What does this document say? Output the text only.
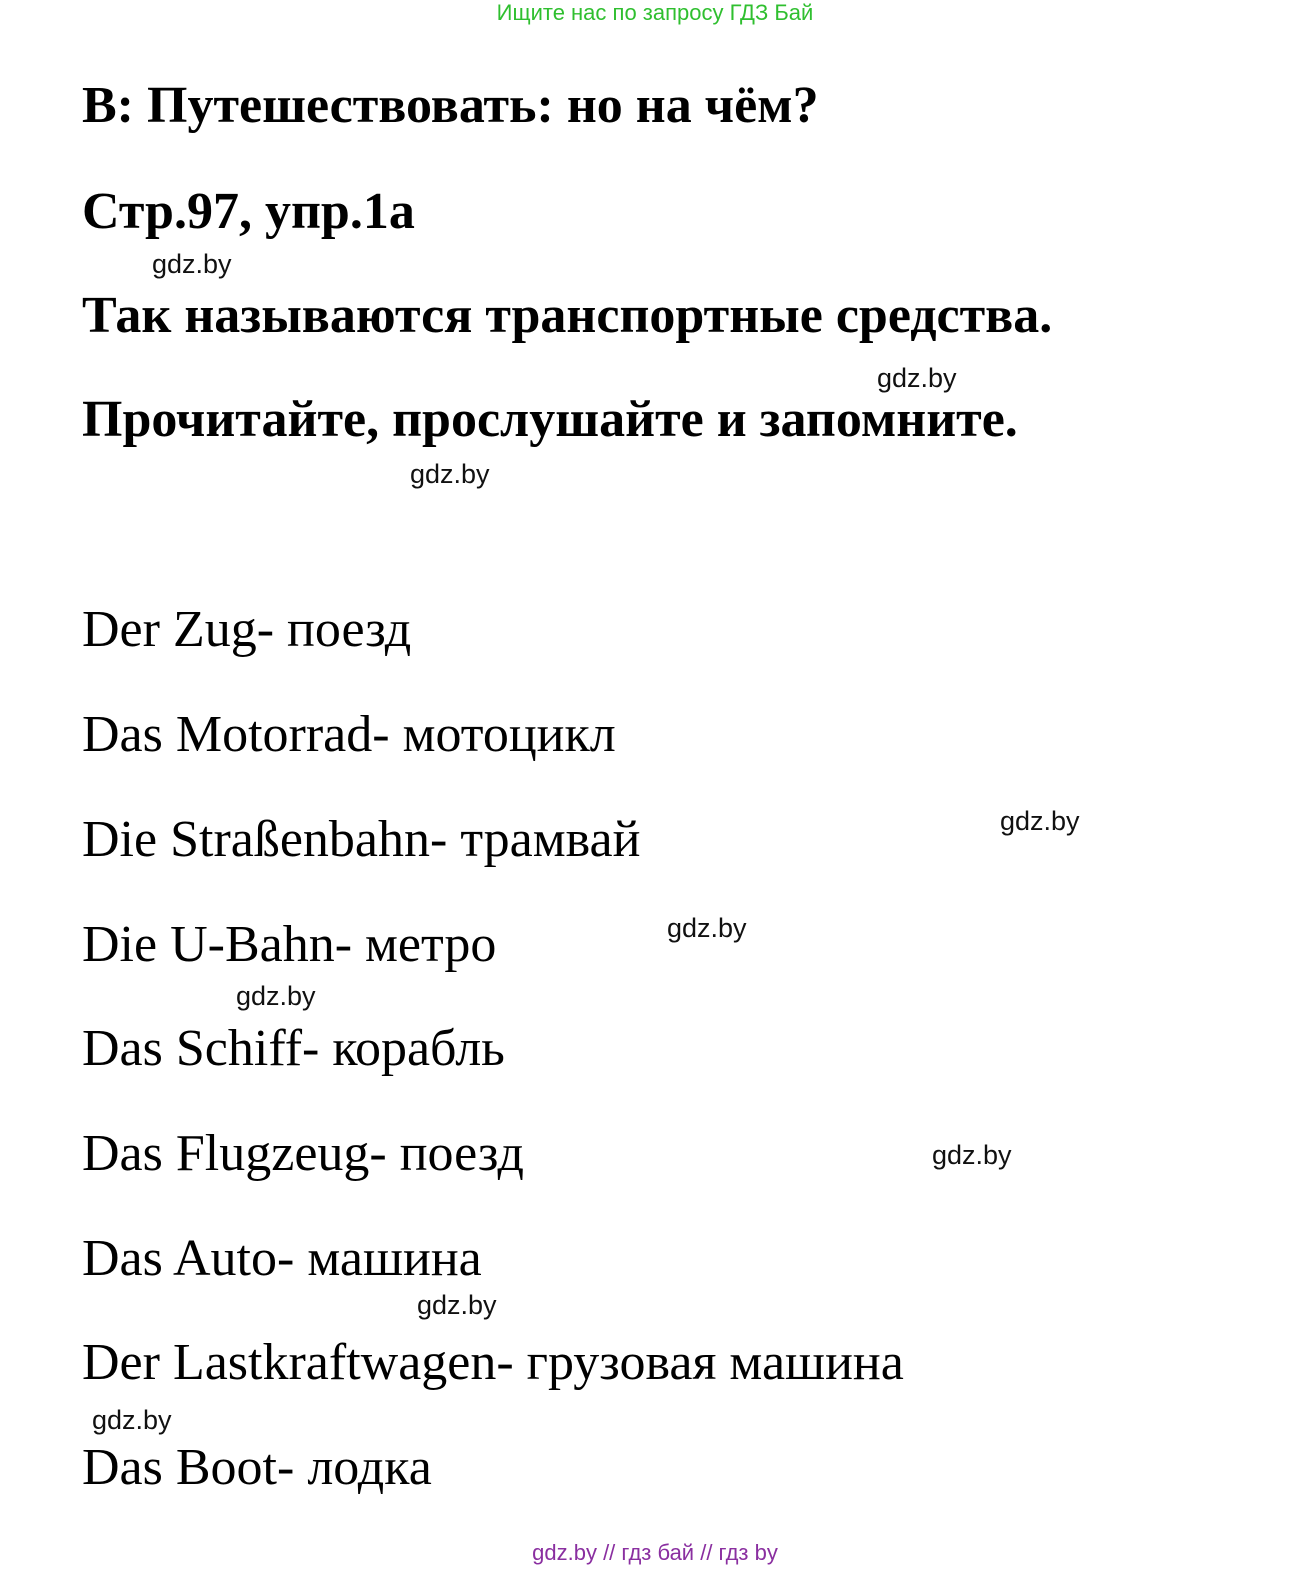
Ищите нас по запросу ГДЗ Бай
B: Путешествовать: но на чём?
Стр.97, упр.1а
Так называются транспортные средства.
Прочитайте, прослушайте и запомните.
Der Zug- поезд
Das Motorrad- мотоцикл
Die Straßenbahn- трамвай
Die U-Bahn- метро
Das Schiff- корабль
Das Flugzeug- поезд
Das Auto- машина
Der Lastkraftwagen- грузовая машина
Das Boot- лодка
gdz.by
gdz.by
gdz.by
gdz.by
gdz.by
gdz.by
gdz.by
gdz.by
gdz.by
gdz.by // гдз бай // гдз by
